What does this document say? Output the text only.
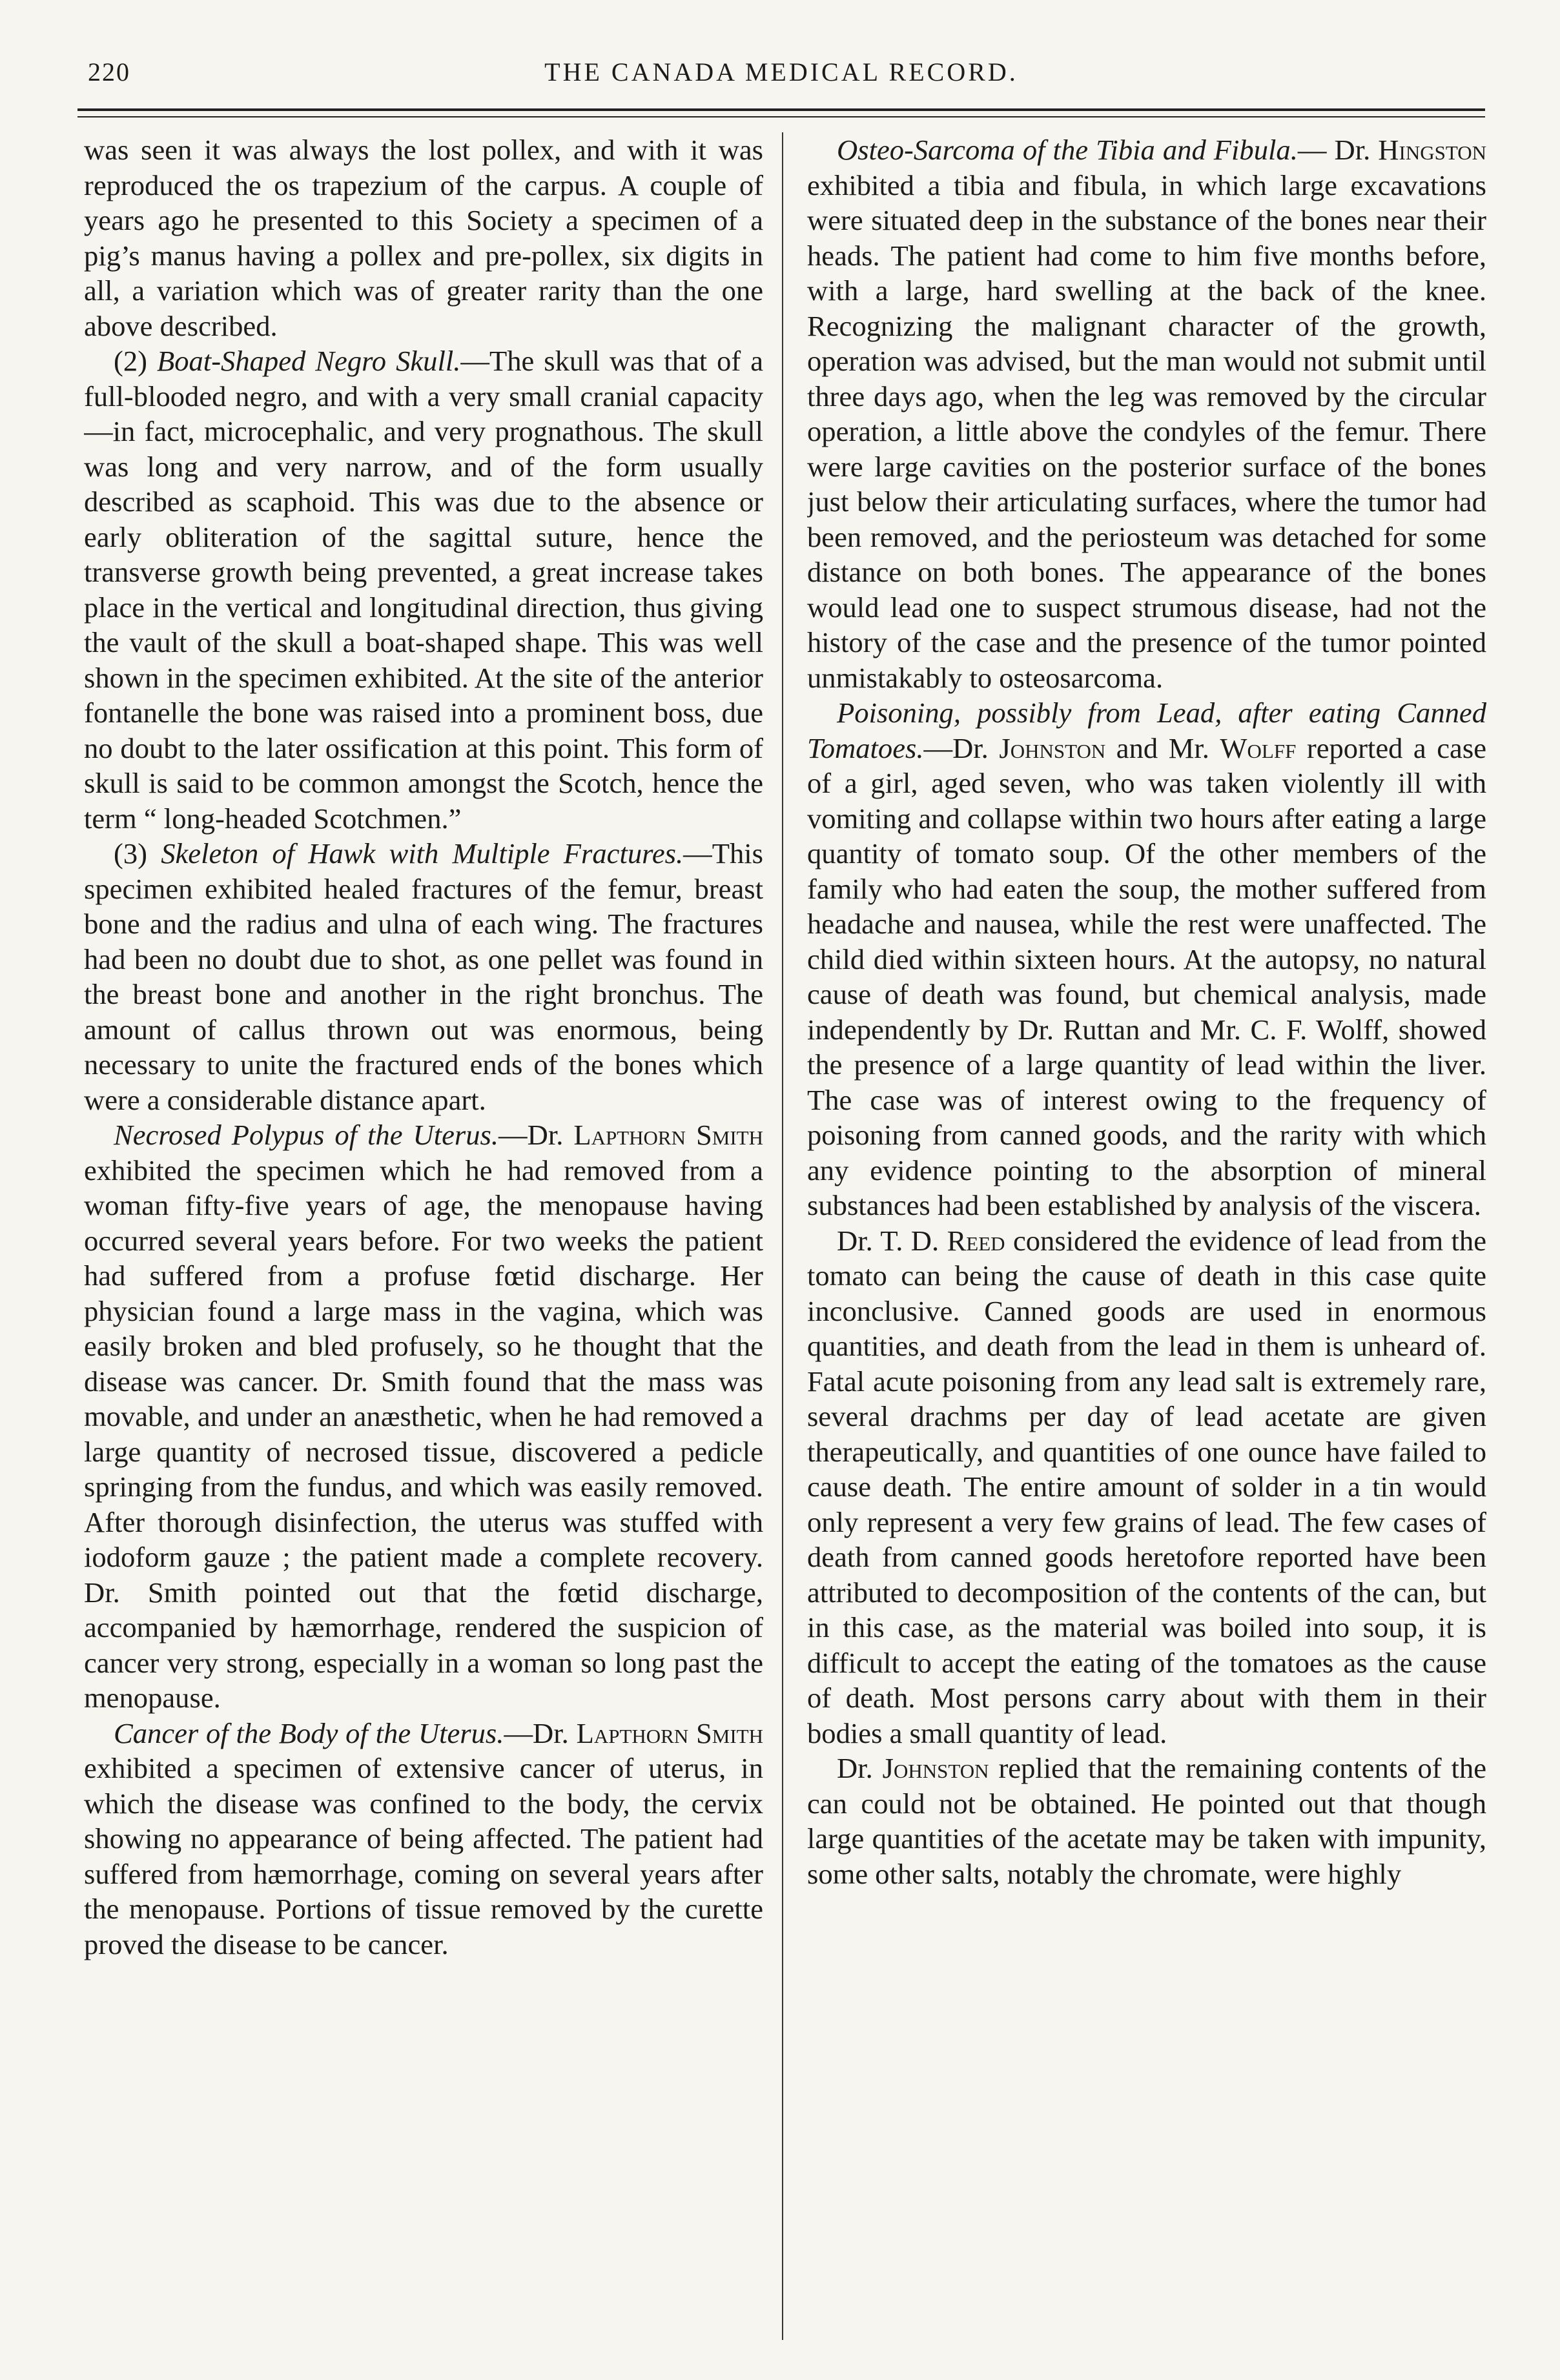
220	THE CANADA MEDICAL RECORD.

was seen it was always the lost pollex, and with it was reproduced the os trapezium of the carpus. A couple of years ago he presented to this Society a specimen of a pig’s manus having a pollex and pre-pollex, six digits in all, a variation which was of greater rarity than the one above described.

(2) Boat-Shaped Negro Skull.—The skull was that of a full-blooded negro, and with a very small cranial capacity—in fact, microcephalic, and very prognathous. The skull was long and very narrow, and of the form usually described as scaphoid. This was due to the absence or early obliteration of the sagittal suture, hence the transverse growth being prevented, a great increase takes place in the vertical and longitudinal direction, thus giving the vault of the skull a boat-shaped shape. This was well shown in the specimen exhibited. At the site of the anterior fontanelle the bone was raised into a prominent boss, due no doubt to the later ossification at this point. This form of skull is said to be common amongst the Scotch, hence the term “ long-headed Scotchmen.”

(3) Skeleton of Hawk with Multiple Fractures.—This specimen exhibited healed fractures of the femur, breast bone and the radius and ulna of each wing. The fractures had been no doubt due to shot, as one pellet was found in the breast bone and another in the right bronchus. The amount of callus thrown out was enormous, being necessary to unite the fractured ends of the bones which were a considerable distance apart.

Necrosed Polypus of the Uterus.—Dr. Lapthorn Smith exhibited the specimen which he had removed from a woman fifty-five years of age, the menopause having occurred several years before. For two weeks the patient had suffered from a profuse fœtid discharge. Her physician found a large mass in the vagina, which was easily broken and bled profusely, so he thought that the disease was cancer. Dr. Smith found that the mass was movable, and under an anæsthetic, when he had removed a large quantity of necrosed tissue, discovered a pedicle springing from the fundus, and which was easily removed. After thorough disinfection, the uterus was stuffed with iodoform gauze ; the patient made a complete recovery. Dr. Smith pointed out that the fœtid discharge, accompanied by hæmorrhage, rendered the suspicion of cancer very strong, especially in a woman so long past the menopause.

Cancer of the Body of the Uterus.—Dr. Lapthorn Smith exhibited a specimen of extensive cancer of uterus, in which the disease was confined to the body, the cervix showing no appearance of being affected. The patient had suffered from hæmorrhage, coming on several years after the menopause. Portions of tissue removed by the curette proved the disease to be cancer.

Osteo-Sarcoma of the Tibia and Fibula.— Dr. Hingston exhibited a tibia and fibula, in which large excavations were situated deep in the substance of the bones near their heads. The patient had come to him five months before, with a large, hard swelling at the back of the knee. Recognizing the malignant character of the growth, operation was advised, but the man would not submit until three days ago, when the leg was removed by the circular operation, a little above the condyles of the femur. There were large cavities on the posterior surface of the bones just below their articulating surfaces, where the tumor had been removed, and the periosteum was detached for some distance on both bones. The appearance of the bones would lead one to suspect strumous disease, had not the history of the case and the presence of the tumor pointed unmistakably to osteosarcoma.

Poisoning, possibly from Lead, after eating Canned Tomatoes.—Dr. Johnston and Mr. Wolff reported a case of a girl, aged seven, who was taken violently ill with vomiting and collapse within two hours after eating a large quantity of tomato soup. Of the other members of the family who had eaten the soup, the mother suffered from headache and nausea, while the rest were unaffected. The child died within sixteen hours. At the autopsy, no natural cause of death was found, but chemical analysis, made independently by Dr. Ruttan and Mr. C. F. Wolff, showed the presence of a large quantity of lead within the liver. The case was of interest owing to the frequency of poisoning from canned goods, and the rarity with which any evidence pointing to the absorption of mineral substances had been established by analysis of the viscera.

Dr. T. D. Reed considered the evidence of lead from the tomato can being the cause of death in this case quite inconclusive. Canned goods are used in enormous quantities, and death from the lead in them is unheard of. Fatal acute poisoning from any lead salt is extremely rare, several drachms per day of lead acetate are given therapeutically, and quantities of one ounce have failed to cause death. The entire amount of solder in a tin would only represent a very few grains of lead. The few cases of death from canned goods heretofore reported have been attributed to decomposition of the contents of the can, but in this case, as the material was boiled into soup, it is difficult to accept the eating of the tomatoes as the cause of death. Most persons carry about with them in their bodies a small quantity of lead.

Dr. Johnston replied that the remaining contents of the can could not be obtained. He pointed out that though large quantities of the acetate may be taken with impunity, some other salts, notably the chromate, were highly
